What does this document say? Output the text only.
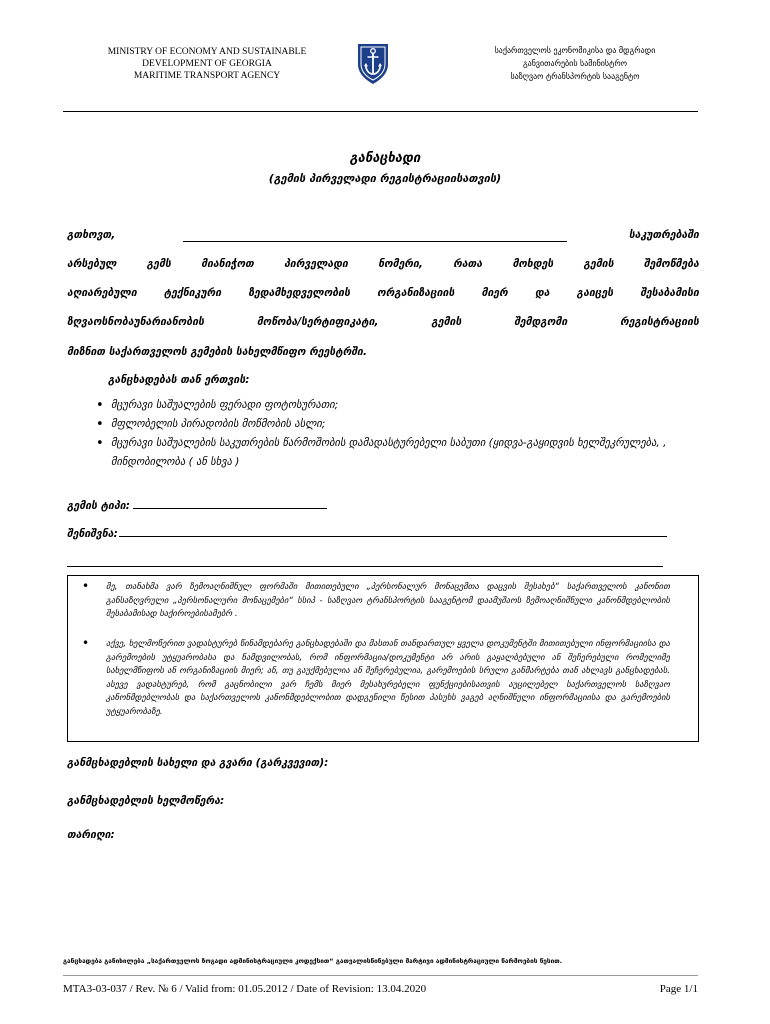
MINISTRY OF ECONOMY AND SUSTAINABLE
DEVELOPMENT OF GEORGIA
MARITIME TRANSPORT AGENCY
საქართველოს ეკონომიკისა და მდგრადი
განვითარების სამინისტრო
საზღვაო ტრანსპორტის სააგენტო
განაცხადი
(გემის პირველადი რეგისტრაციისათვის)
გთხოვთ,	საკუთრებაში
არსებულ	გემს	მიანიჭოთ	პირველადი	ნომერი,	რათა	მოხდეს	გემის	შემოწმება
აღიარებული	ტექნიკური	ზედამხედველობის	ორგანიზაციის	მიერ	და	გაიცეს	შესაბამისი
ზღვაოსნობაუნარიანობის	მოწობა/სერტიფიკატი,	გემის	შემდგომი	რეგისტრაციის
მიზნით საქართველოს გემების სახელმწიფო რეესტრში.
განცხადებას თან ერთვის:
• მცურავი საშუალების ფერადი ფოტოსურათი;
• მფლობელის პირადობის მოწმობის ასლი;
• მცურავი საშუალების საკუთრების წარმოშობის დამადასტურებელი საბუთი (ყიდვა-გაყიდვის ხელშეკრულება, , მინდობილობა ( ან სხვა )
გემის ტიპი:
შენიშვნა:
• მე, თანახმა ვარ ზემოაღნიშნულ ფორმაში მითითებული „პერსონალურ მონაცემთა დაცვის შესახებ“ საქართველოს კანონით განსაზღვრული „პერსონალური მონაცემები“ სსიპ - საზღვაო ტრანსპორტის სააგენტომ დაამუშაოს ზემოაღნიშნული კანონმდებლობის შესაბამისად საქიროებისამებრ .
• აქვე, ხელმოწერით ვადასტურებ წინამდებარე განცხადებაში და მასთან თანდართულ ყველა დოკუმენტში მითითებული ინფორმაციისა და გარემოების უტყუარობასა და ნამდვილობას, რომ ინფორმაცია/დოკუმენტი არ არის გაყალბებული ან შეჩერებული რომელიმე სახელმწიფოს ან ორგანიზაციის მიერ; ან, თუ გაუქმებულია ან შეჩერებულია, გარემოების სრული განმარტება თან ახლავს განცხადებას. ასევე ვადასტურებ, რომ გაცნობილი ვარ ჩემს მიერ მესახურებელი ფუნქციებისათვის აუცილებელ საქართველოს საზღვაო კანონმდებლობას და საქართველოს კანონმდებლობით დადგენილი წესით პასუხს ვაგებ აღნიშნული ინფორმაციისა და გარემოების უტყუარობაზე.
განმცხადებლის სახელი და გვარი (გარკვევით):
განმცხადებლის ხელმოწერა:
თარიღი:
განცხადება განიხილება „საქართველოს ზოგადი ადმინისტრაციული კოდექსით“ გათვალისწინებული მარტივი ადმინისტრაციული წარმოების წესით.
MTA3-03-037 / Rev. № 6 / Valid from: 01.05.2012 / Date of Revision: 13.04.2020	Page 1/1
